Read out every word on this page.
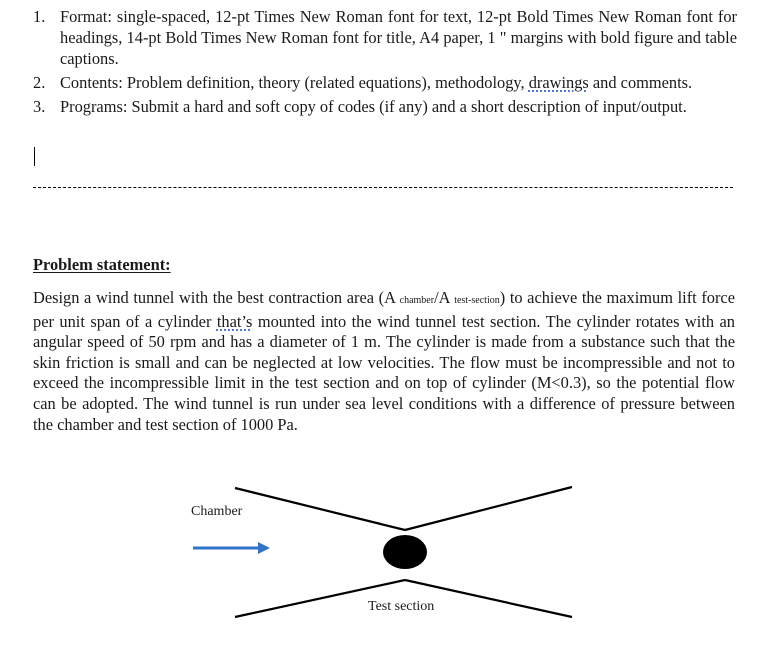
1. Format: single-spaced, 12-pt Times New Roman font for text, 12-pt Bold Times New Roman font for headings, 14-pt Bold Times New Roman font for title, A4 paper, 1 " margins with bold figure and table captions.
2. Contents: Problem definition, theory (related equations), methodology, drawings and comments.
3. Programs: Submit a hard and soft copy of codes (if any) and a short description of input/output.
Problem statement:
Design a wind tunnel with the best contraction area (A chamber/A test-section) to achieve the maximum lift force per unit span of a cylinder that’s mounted into the wind tunnel test section. The cylinder rotates with an angular speed of 50 rpm and has a diameter of 1 m. The cylinder is made from a substance such that the skin friction is small and can be neglected at low velocities. The flow must be incompressible and not to exceed the incompressible limit in the test section and on top of cylinder (M<0.3), so the potential flow can be adopted. The wind tunnel is run under sea level conditions with a difference of pressure between the chamber and test section of 1000 Pa.
Chamber
Test section
